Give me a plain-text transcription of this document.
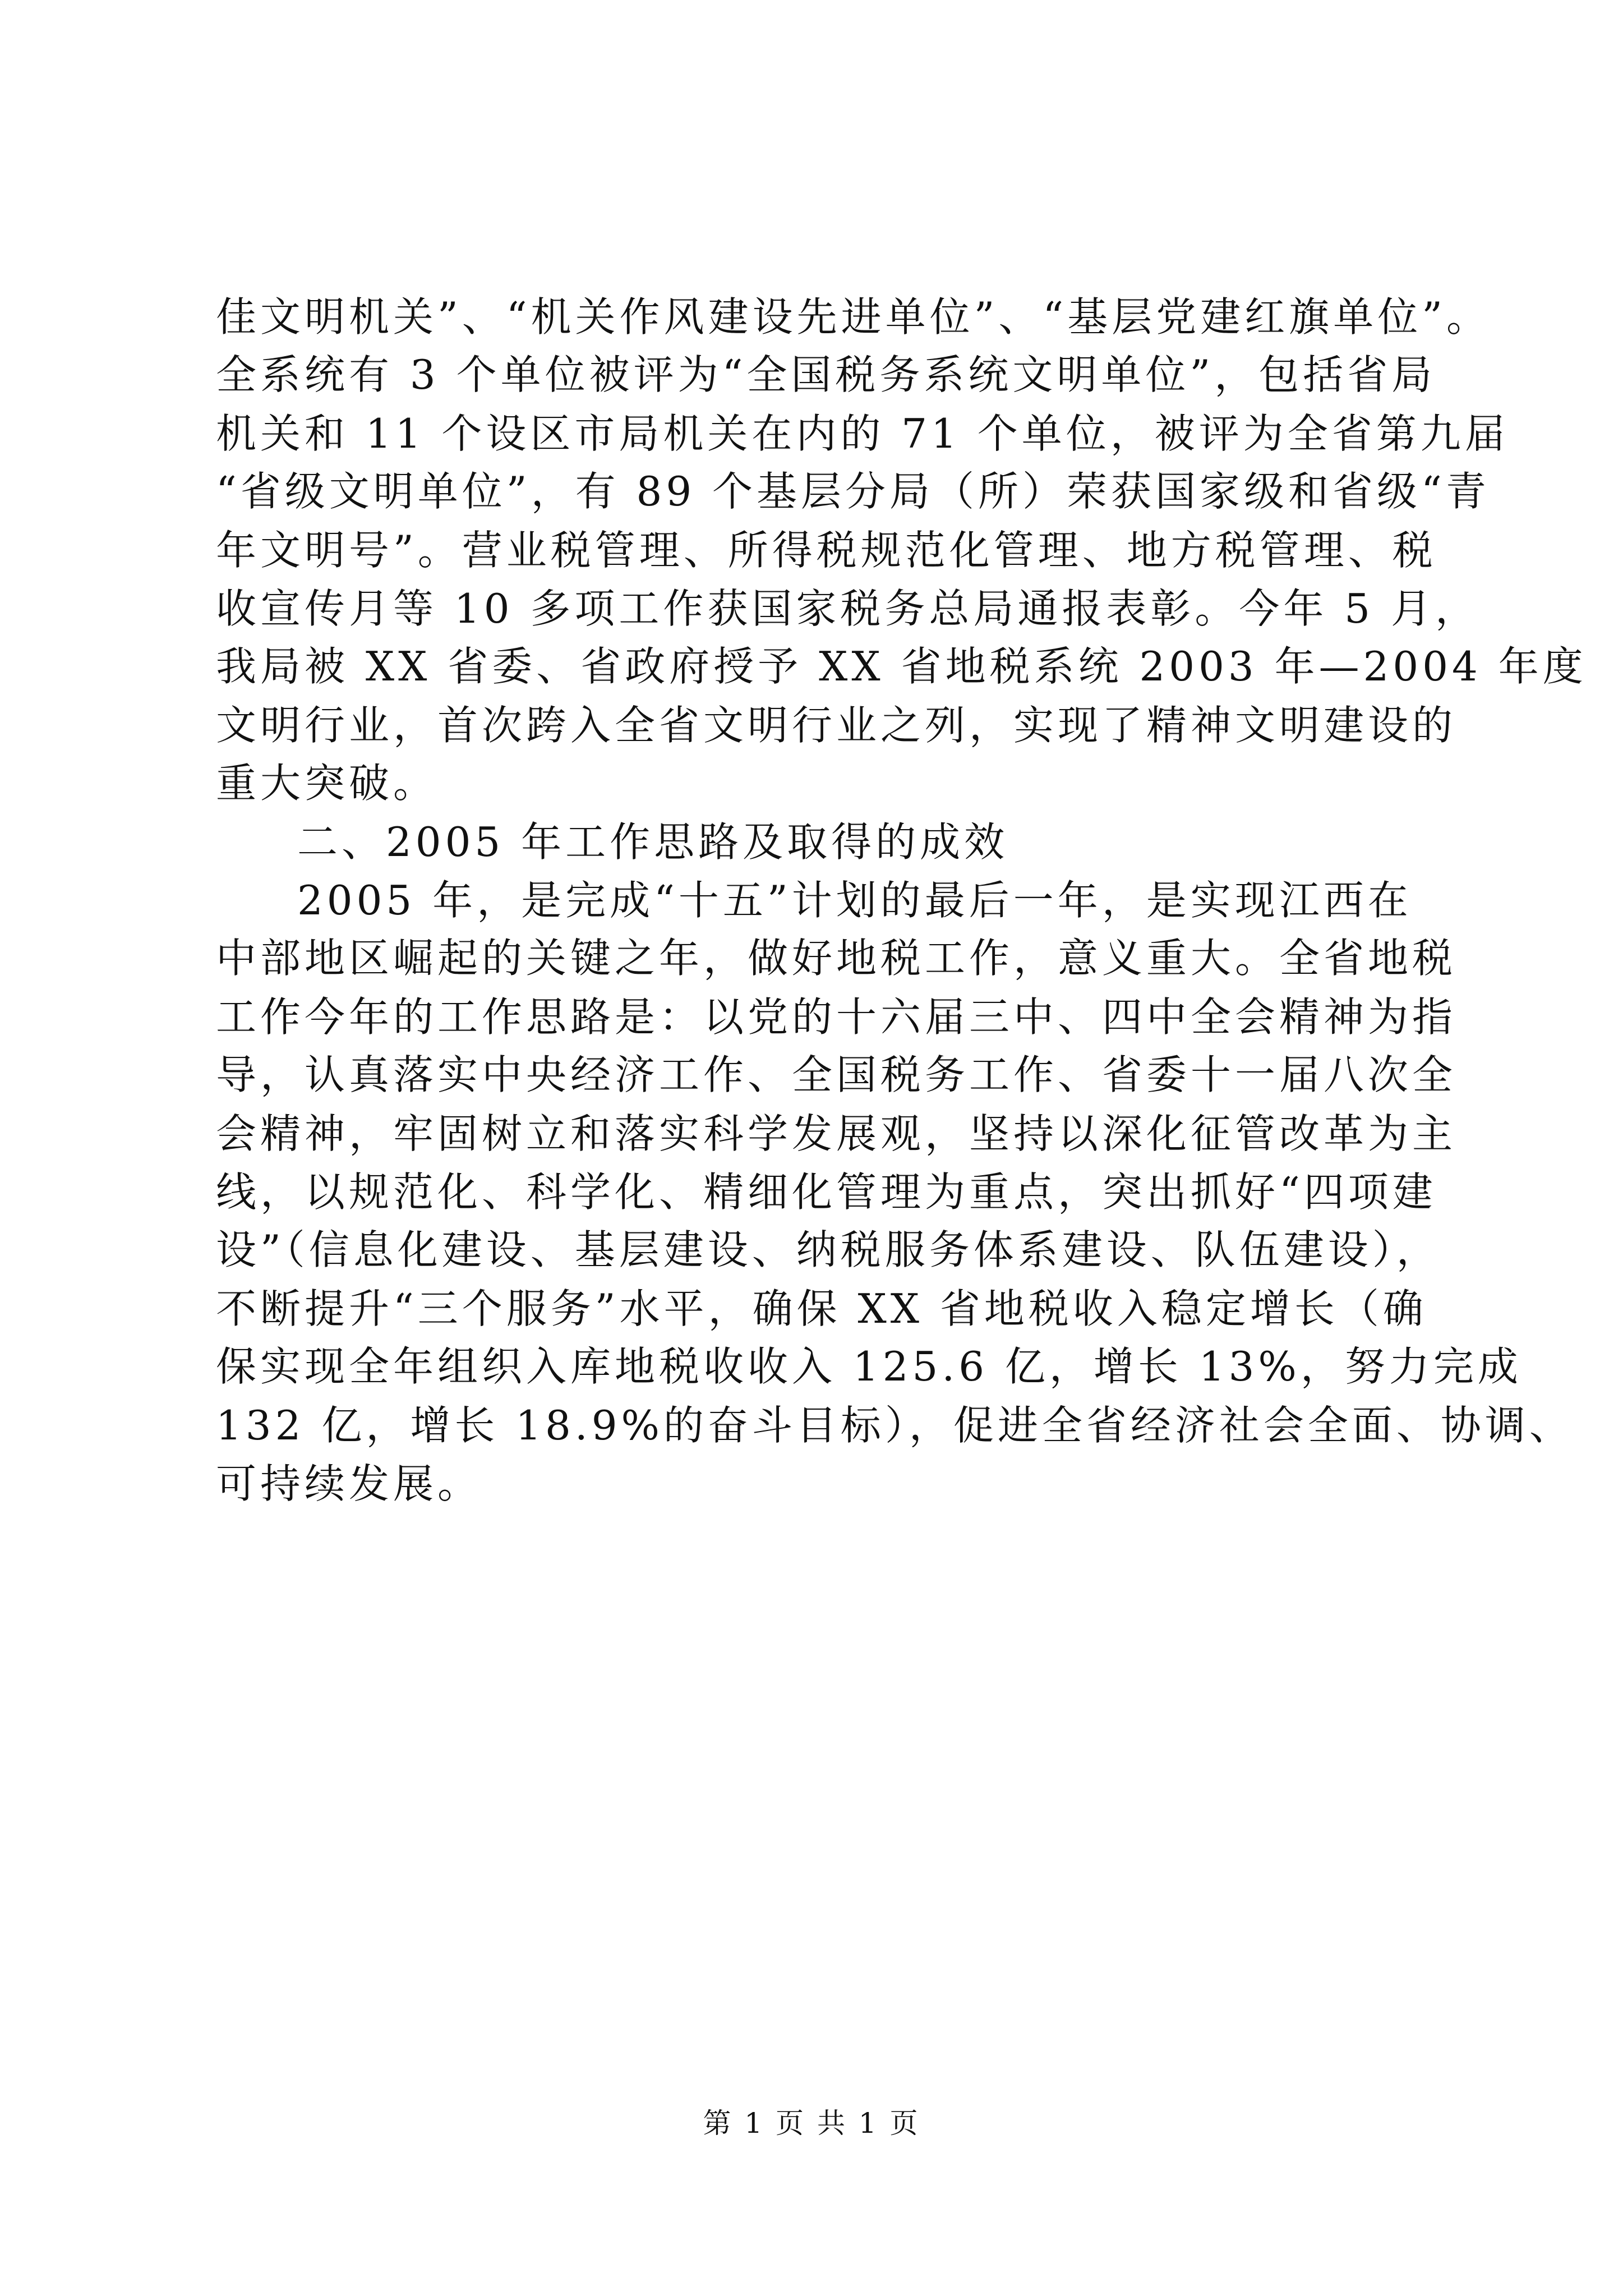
佳文明机关”、“机关作风建设先进单位”、“基层党建红旗单位”。
全系统有 3 个单位被评为“全国税务系统文明单位”，包括省局
机关和 11 个设区市局机关在内的 71 个单位，被评为全省第九届
“省级文明单位”，有 89 个基层分局（所）荣获国家级和省级“青
年文明号”。营业税管理、所得税规范化管理、地方税管理、税
收宣传月等 10 多项工作获国家税务总局通报表彰。今年 5 月，
我局被 XX 省委、省政府授予 XX 省地税系统 2003 年—2004 年度
文明行业，首次跨入全省文明行业之列，实现了精神文明建设的
重大突破。
二、2005 年工作思路及取得的成效
2005 年，是完成“十五”计划的最后一年，是实现江西在
中部地区崛起的关键之年，做好地税工作，意义重大。全省地税
工作今年的工作思路是：以党的十六届三中、四中全会精神为指
导，认真落实中央经济工作、全国税务工作、省委十一届八次全
会精神，牢固树立和落实科学发展观，坚持以深化征管改革为主
线，以规范化、科学化、精细化管理为重点，突出抓好“四项建
设”（信息化建设、基层建设、纳税服务体系建设、队伍建设），
不断提升“三个服务”水平，确保 XX 省地税收入稳定增长（确
保实现全年组织入库地税收收入 125.6 亿，增长 13%，努力完成
132 亿，增长 18.9%的奋斗目标），促进全省经济社会全面、协调、
可持续发展。
第 1 页 共 1 页
